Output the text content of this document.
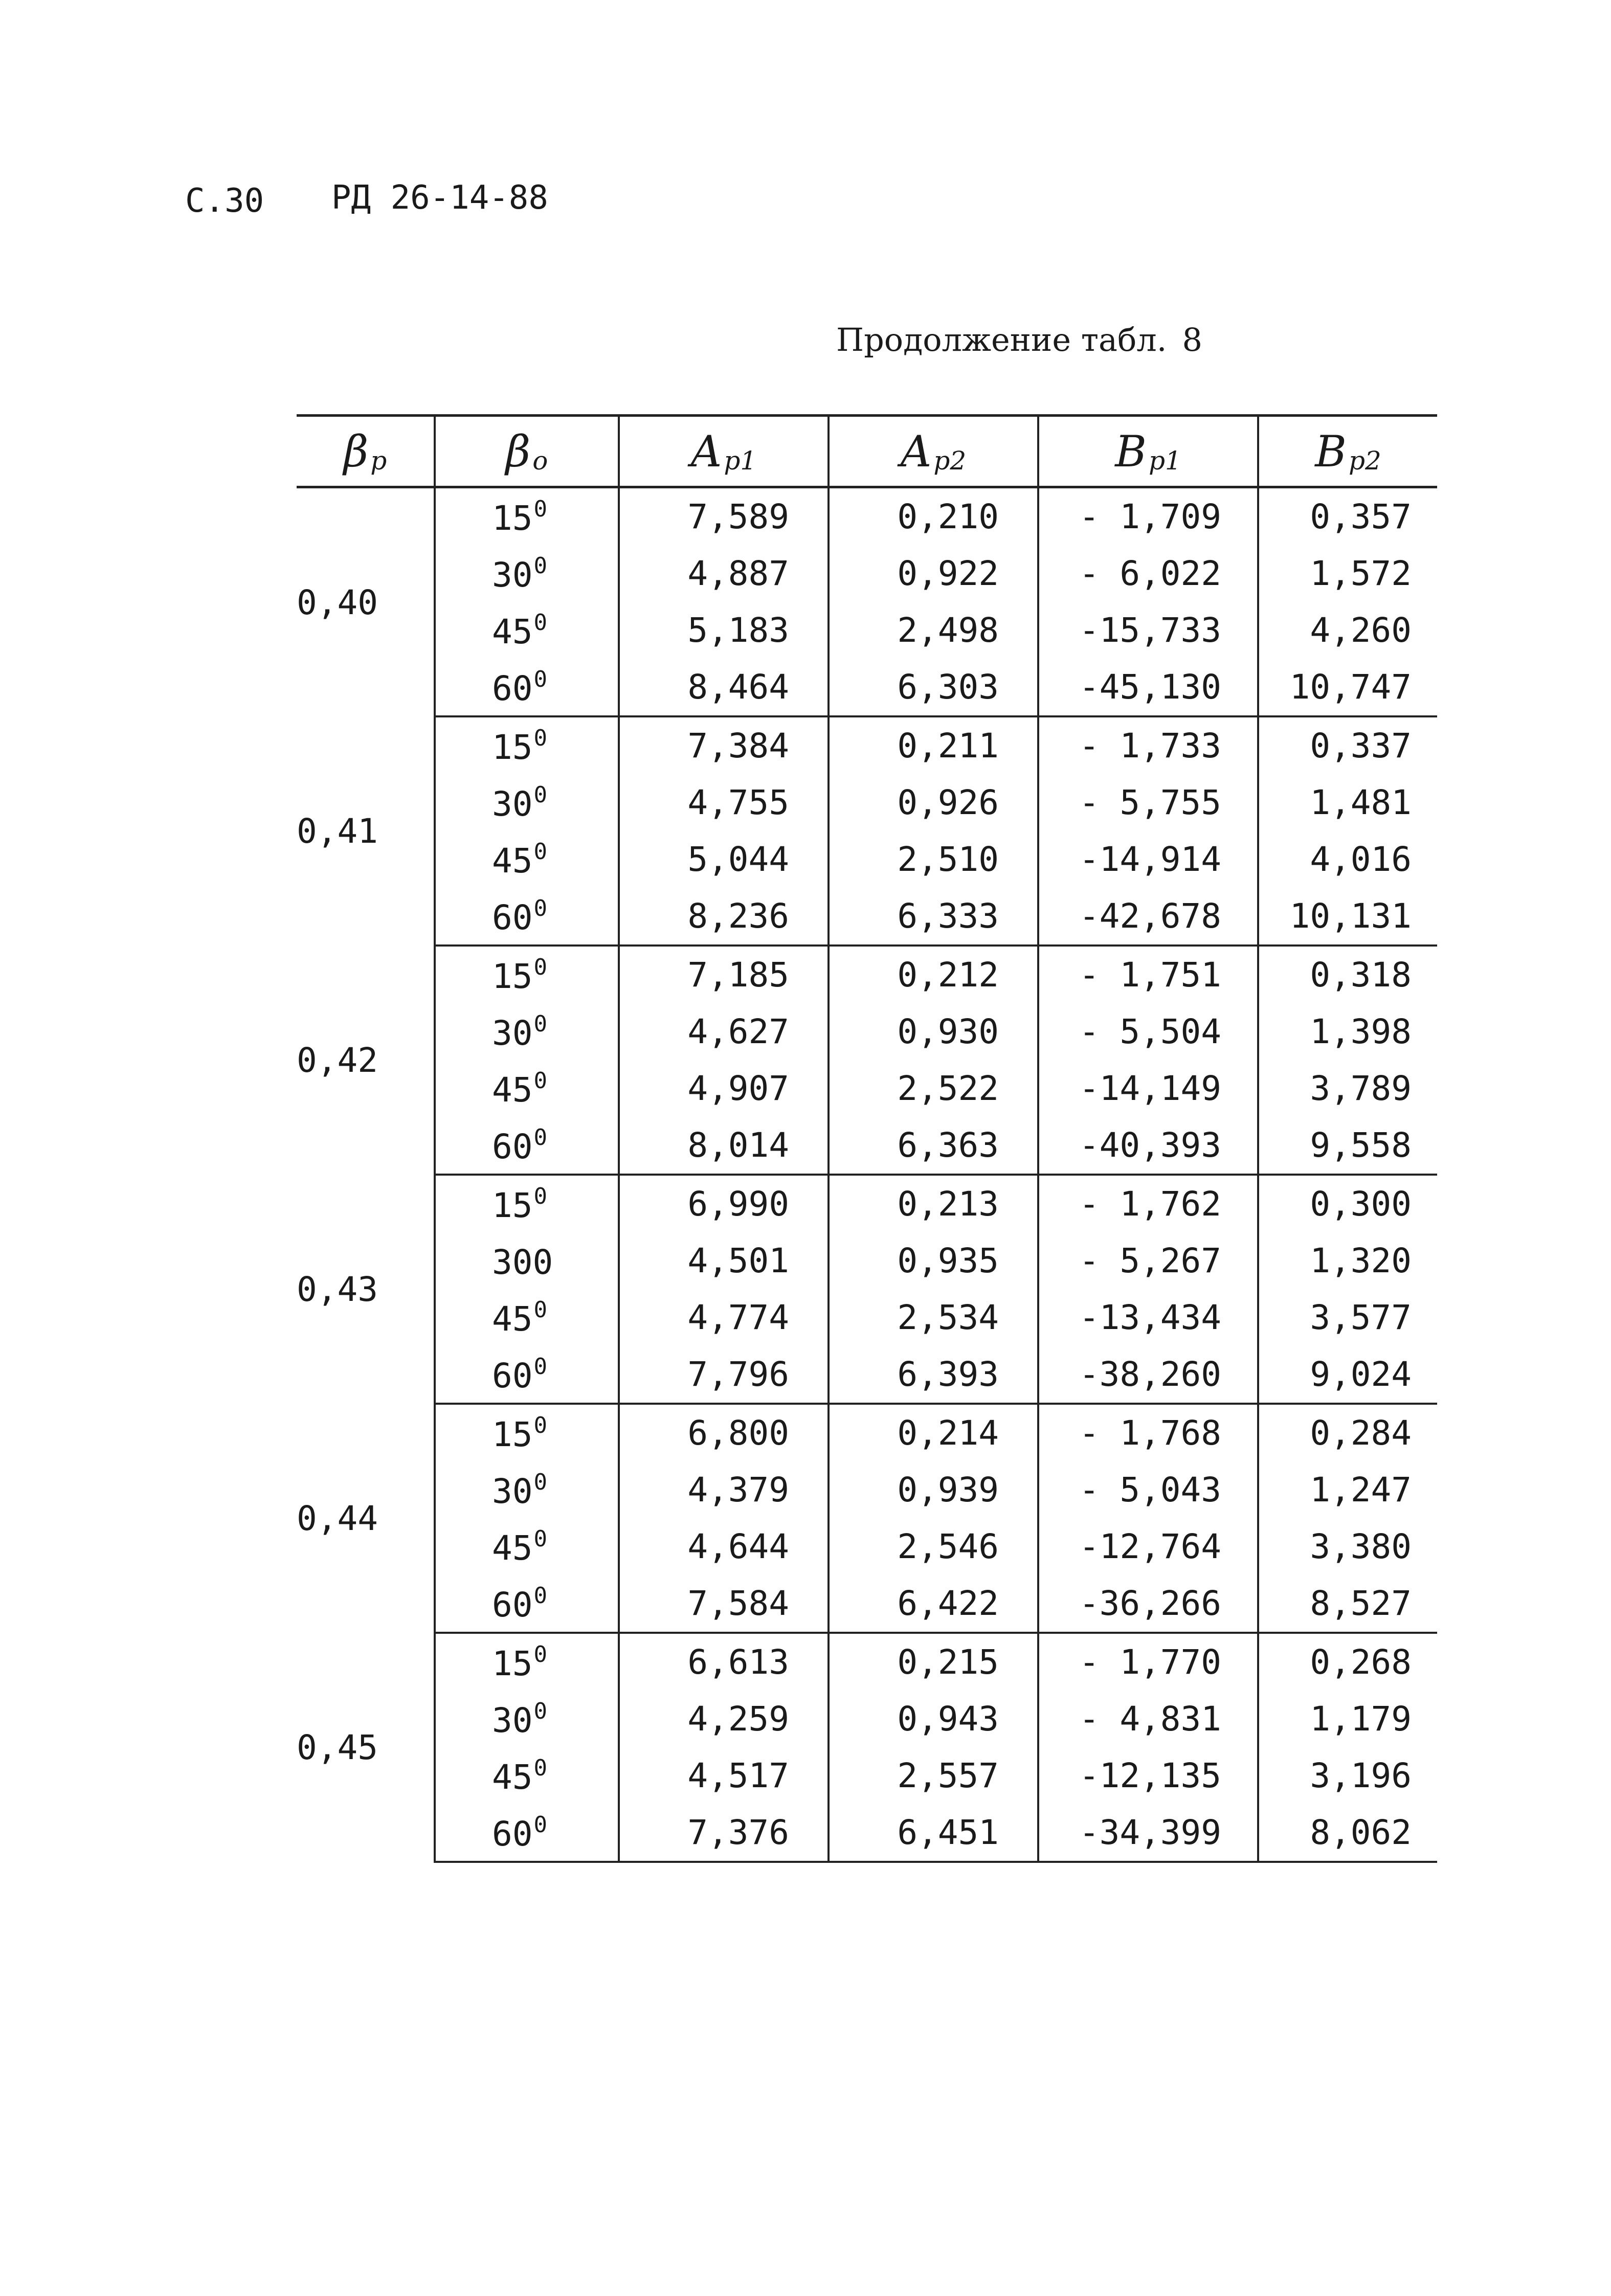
С.30 РД 26-14-88
Продолжение табл. 8
$\beta_p$	$\beta_o$	$A_{p1}$	$A_{p2}$	$B_{p1}$	$B_{p2}$
0,40	$15^0$	7,589	0,210	- 1,709	0,357
	$30^0$	4,887	0,922	- 6,022	1,572
	$45^0$	5,183	2,498	-15,733	4,260
	$60^0$	8,464	6,303	-45,130	10,747
0,41	$15^0$	7,384	0,211	- 1,733	0,337
	$30^0$	4,755	0,926	- 5,755	1,481
	$45^0$	5,044	2,510	-14,914	4,016
	$60^0$	8,236	6,333	-42,678	10,131
0,42	$15^0$	7,185	0,212	- 1,751	0,318
	$30^0$	4,627	0,930	- 5,504	1,398
	$45^0$	4,907	2,522	-14,149	3,789
	$60^0$	8,014	6,363	-40,393	9,558
0,43	$15^0$	6,990	0,213	- 1,762	0,300
	300	4,501	0,935	- 5,267	1,320
	$45^0$	4,774	2,534	-13,434	3,577
	$60^0$	7,796	6,393	-38,260	9,024
0,44	$15^0$	6,800	0,214	- 1,768	0,284
	$30^0$	4,379	0,939	- 5,043	1,247
	$45^0$	4,644	2,546	-12,764	3,380
	$60^0$	7,584	6,422	-36,266	8,527
0,45	$15^0$	6,613	0,215	- 1,770	0,268
	$30^0$	4,259	0,943	- 4,831	1,179
	$45^0$	4,517	2,557	-12,135	3,196
	$60^0$	7,376	6,451	-34,399	8,062
